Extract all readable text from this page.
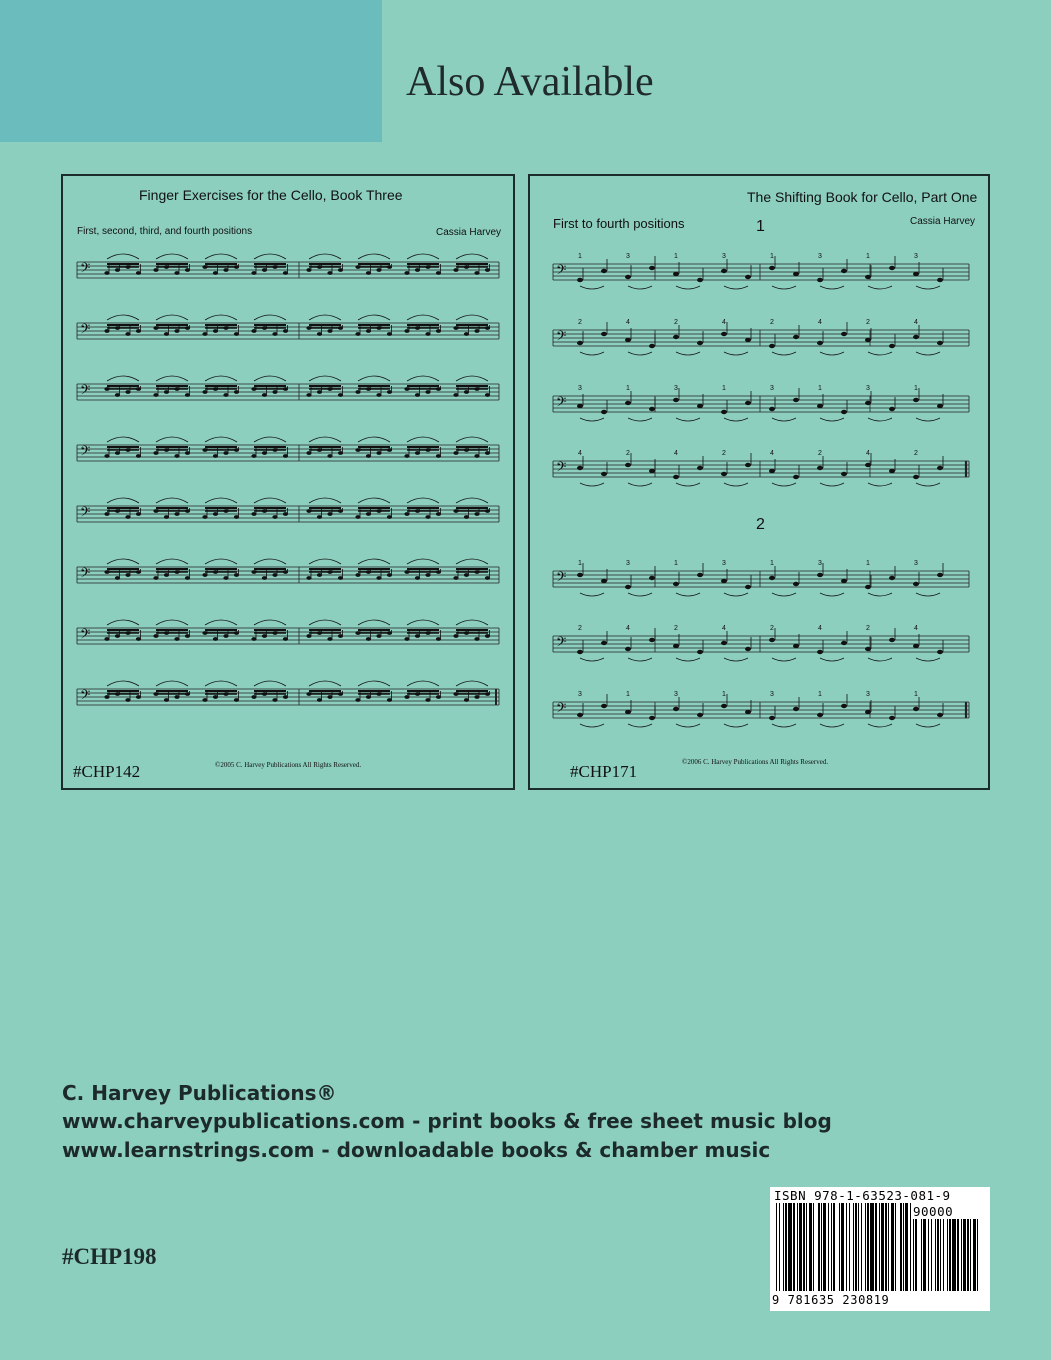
Also Available
𝄢
𝄢
𝄢
𝄢
𝄢
𝄢
𝄢
𝄢
Finger Exercises for the Cello, Book Three
First, second, third, and fourth positions	Cassia Harvey
#CHP142	©2005 C. Harvey Publications All Rights Reserved.
𝄢
1	3	1	3	1	3	1	3
𝄢
2	4	2	4	2	4	2	4
𝄢
3	1	3	1	3	1	3	1
𝄢
4	2	4	2	4	2	4	2
𝄢
1	3	1	3	1	3	1	3
𝄢
2	4	2	4	2	4	2	4
𝄢
3	1	3	1	3	1	3	1
The Shifting Book for Cello, Part One
First to fourth positions	Cassia Harvey
1
2
#CHP171	©2006 C. Harvey Publications All Rights Reserved.
C. Harvey Publications®
www.charveypublications.com - print books & free sheet music blog
www.learnstrings.com - downloadable books & chamber music
#CHP198
ISBN 978-1-63523-081-9
90000
9 781635 230819
